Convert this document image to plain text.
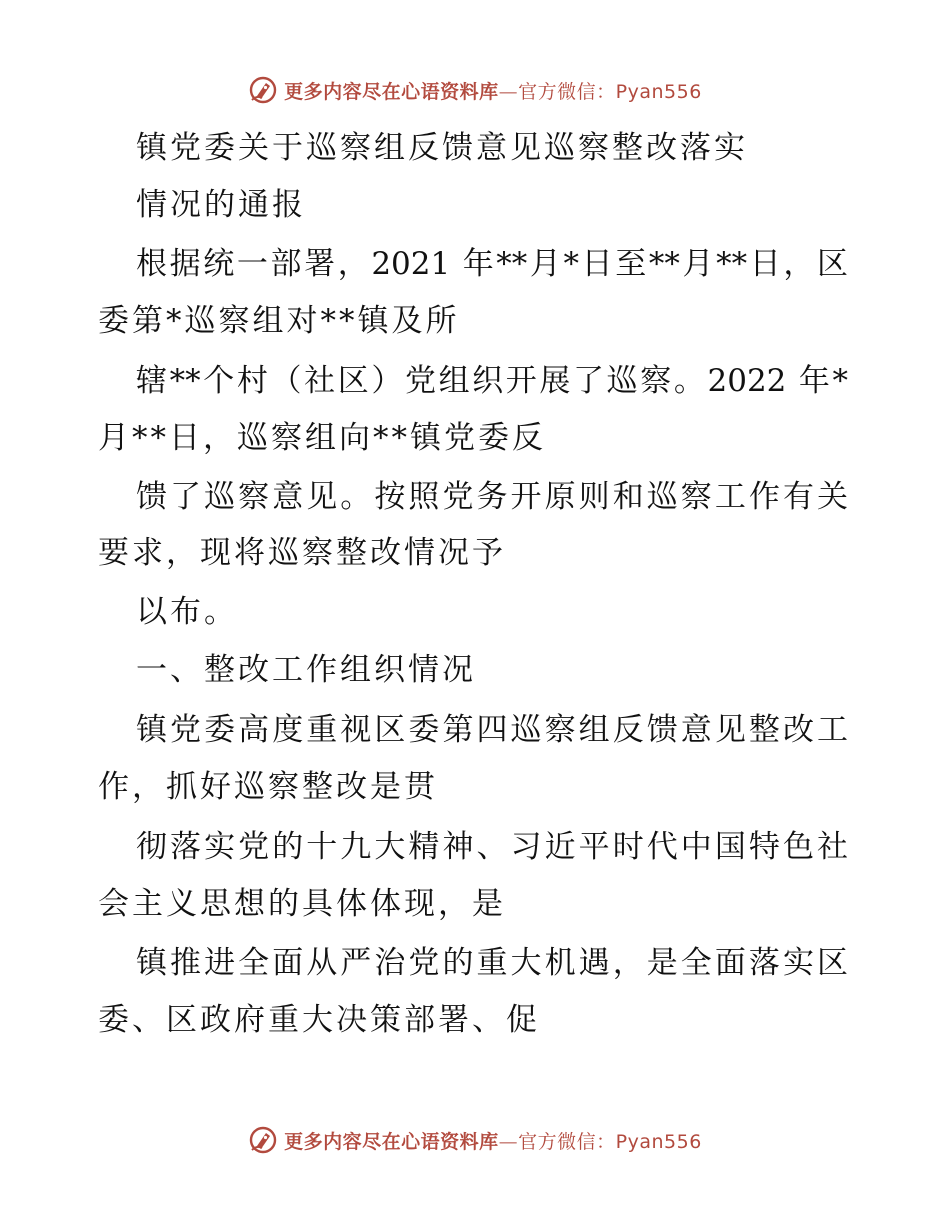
更多内容尽在心语资料库—官方微信：Pyan556
镇党委关于巡察组反馈意见巡察整改落实
情况的通报
根据统一部署，2021 年**月*日至**月**日，区
委第*巡察组对**镇及所
辖**个村（社区）党组织开展了巡察。2022 年*
月**日，巡察组向**镇党委反
馈了巡察意见。按照党务开原则和巡察工作有关
要求，现将巡察整改情况予
以布。
一、整改工作组织情况
镇党委高度重视区委第四巡察组反馈意见整改工
作，抓好巡察整改是贯
彻落实党的十九大精神、习近平时代中国特色社
会主义思想的具体体现，是
镇推进全面从严治党的重大机遇，是全面落实区
委、区政府重大决策部署、促
更多内容尽在心语资料库—官方微信：Pyan556
